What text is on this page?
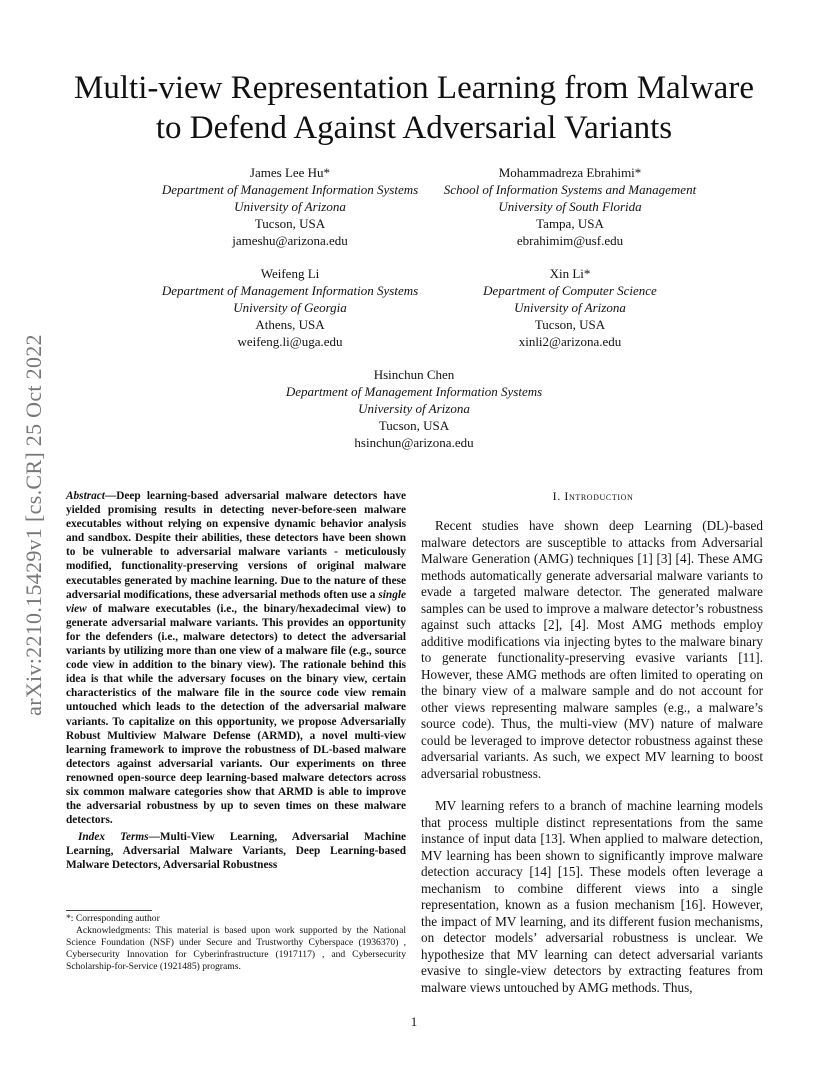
arXiv:2210.15429v1 [cs.CR] 25 Oct 2022
Multi-view Representation Learning from Malware to Defend Against Adversarial Variants
James Lee Hu*
Department of Management Information Systems
University of Arizona
Tucson, USA
jameshu@arizona.edu
Mohammadreza Ebrahimi*
School of Information Systems and Management
University of South Florida
Tampa, USA
ebrahimim@usf.edu
Weifeng Li
Department of Management Information Systems
University of Georgia
Athens, USA
weifeng.li@uga.edu
Xin Li*
Department of Computer Science
University of Arizona
Tucson, USA
xinli2@arizona.edu
Hsinchun Chen
Department of Management Information Systems
University of Arizona
Tucson, USA
hsinchun@arizona.edu

Abstract—Deep learning-based adversarial malware detectors have yielded promising results in detecting never-before-seen malware executables without relying on expensive dynamic behavior analysis and sandbox. Despite their abilities, these detectors have been shown to be vulnerable to adversarial malware variants - meticulously modified, functionality-preserving versions of original malware executables generated by machine learning. Due to the nature of these adversarial modifications, these adversarial methods often use a single view of malware executables (i.e., the binary/hexadecimal view) to generate adversarial malware variants. This provides an opportunity for the defenders (i.e., malware detectors) to detect the adversarial variants by utilizing more than one view of a malware file (e.g., source code view in addition to the binary view). The rationale behind this idea is that while the adversary focuses on the binary view, certain characteristics of the malware file in the source code view remain untouched which leads to the detection of the adversarial malware variants. To capitalize on this opportunity, we propose Adversarially Robust Multiview Malware Defense (ARMD), a novel multi-view learning framework to improve the robustness of DL-based malware detectors against adversarial variants. Our experiments on three renowned open-source deep learning-based malware detectors across six common malware categories show that ARMD is able to improve the adversarial robustness by up to seven times on these malware detectors.

Index Terms—Multi-View Learning, Adversarial Machine Learning, Adversarial Malware Variants, Deep Learning-based Malware Detectors, Adversarial Robustness

*: Corresponding author

Acknowledgments: This material is based upon work supported by the National Science Foundation (NSF) under Secure and Trustworthy Cyberspace (1936370) , Cybersecurity Innovation for Cyberinfrastructure (1917117) , and Cybersecurity Scholarship-for-Service (1921485) programs.

I. Introduction

Recent studies have shown deep Learning (DL)-based malware detectors are susceptible to attacks from Adversarial Malware Generation (AMG) techniques [1] [3] [4]. These AMG methods automatically generate adversarial malware variants to evade a targeted malware detector. The generated malware samples can be used to improve a malware detector’s robustness against such attacks [2], [4]. Most AMG methods employ additive modifications via injecting bytes to the malware binary to generate functionality-preserving evasive variants [11]. However, these AMG methods are often limited to operating on the binary view of a malware sample and do not account for other views representing malware samples (e.g., a malware’s source code). Thus, the multi-view (MV) nature of malware could be leveraged to improve detector robustness against these adversarial variants. As such, we expect MV learning to boost adversarial robustness.

MV learning refers to a branch of machine learning models that process multiple distinct representations from the same instance of input data [13]. When applied to malware detection, MV learning has been shown to significantly improve malware detection accuracy [14] [15]. These models often leverage a mechanism to combine different views into a single representation, known as a fusion mechanism [16]. However, the impact of MV learning, and its different fusion mechanisms, on detector models’ adversarial robustness is unclear. We hypothesize that MV learning can detect adversarial variants evasive to single-view detectors by extracting features from malware views untouched by AMG methods. Thus,

1
